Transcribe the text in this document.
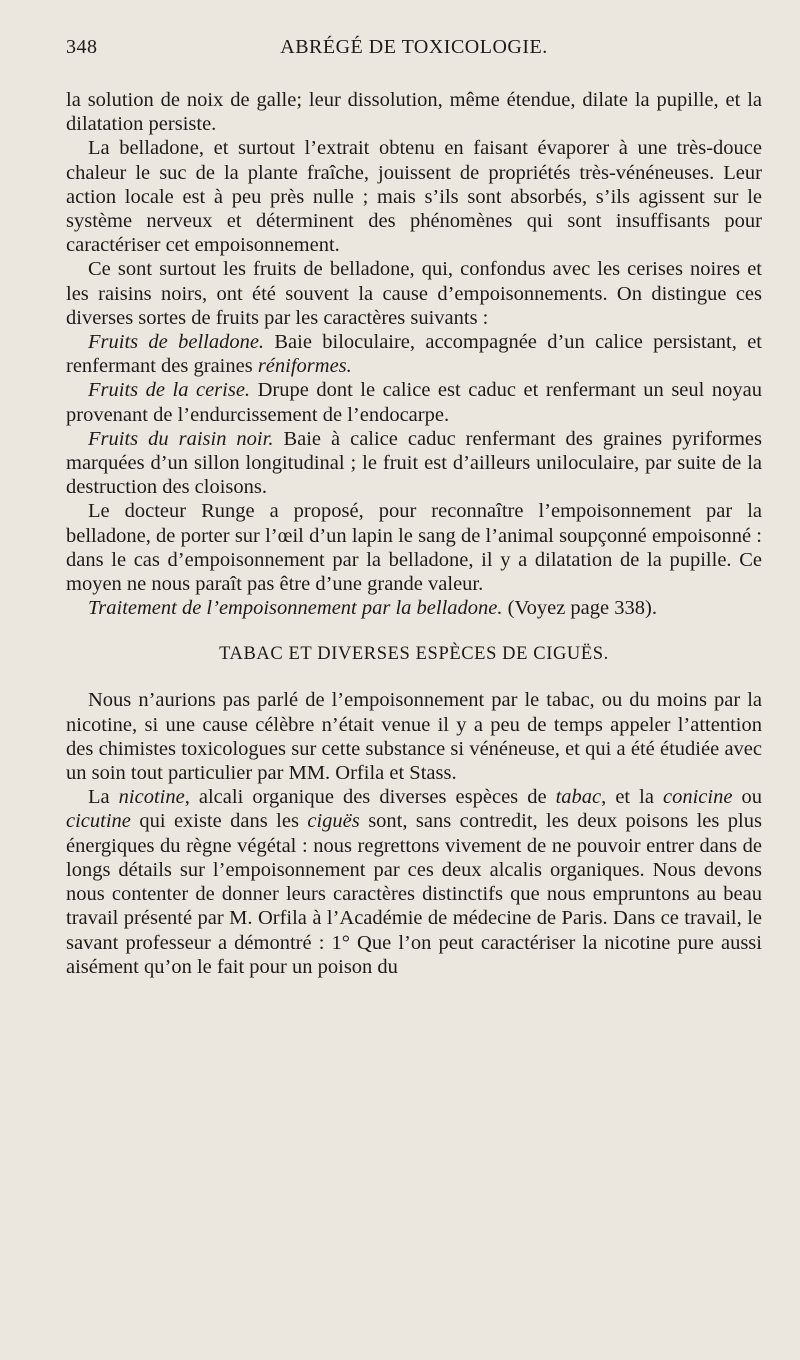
348	ABRÉGÉ DE TOXICOLOGIE.

la solution de noix de galle; leur dissolution, même étendue, dilate la pupille, et la dilatation persiste.

La belladone, et surtout l’extrait obtenu en faisant évaporer à une très-douce chaleur le suc de la plante fraîche, jouissent de propriétés très-vénéneuses. Leur action locale est à peu près nulle ; mais s’ils sont absorbés, s’ils agissent sur le système nerveux et déterminent des phénomènes qui sont insuffisants pour caractériser cet empoisonnement.

Ce sont surtout les fruits de belladone, qui, confondus avec les cerises noires et les raisins noirs, ont été souvent la cause d’empoisonnements. On distingue ces diverses sortes de fruits par les caractères suivants :

Fruits de belladone. Baie biloculaire, accompagnée d’un calice persistant, et renfermant des graines réniformes.

Fruits de la cerise. Drupe dont le calice est caduc et renfermant un seul noyau provenant de l’endurcissement de l’endocarpe.

Fruits du raisin noir. Baie à calice caduc renfermant des graines pyriformes marquées d’un sillon longitudinal ; le fruit est d’ailleurs uniloculaire, par suite de la destruction des cloisons.

Le docteur Runge a proposé, pour reconnaître l’empoisonnement par la belladone, de porter sur l’œil d’un lapin le sang de l’animal soupçonné empoisonné : dans le cas d’empoisonnement par la belladone, il y a dilatation de la pupille. Ce moyen ne nous paraît pas être d’une grande valeur.

Traitement de l’empoisonnement par la belladone. (Voyez page 338).

TABAC ET DIVERSES ESPÈCES DE CIGUËS.

Nous n’aurions pas parlé de l’empoisonnement par le tabac, ou du moins par la nicotine, si une cause célèbre n’était venue il y a peu de temps appeler l’attention des chimistes toxicologues sur cette substance si vénéneuse, et qui a été étudiée avec un soin tout particulier par MM. Orfila et Stass.

La nicotine, alcali organique des diverses espèces de tabac, et la conicine ou cicutine qui existe dans les ciguës sont, sans contredit, les deux poisons les plus énergiques du règne végétal : nous regrettons vivement de ne pouvoir entrer dans de longs détails sur l’empoisonnement par ces deux alcalis organiques. Nous devons nous contenter de donner leurs caractères distinctifs que nous empruntons au beau travail présenté par M. Orfila à l’Académie de médecine de Paris. Dans ce travail, le savant professeur a démontré : 1° Que l’on peut caractériser la nicotine pure aussi aisément qu’on le fait pour un poison du
